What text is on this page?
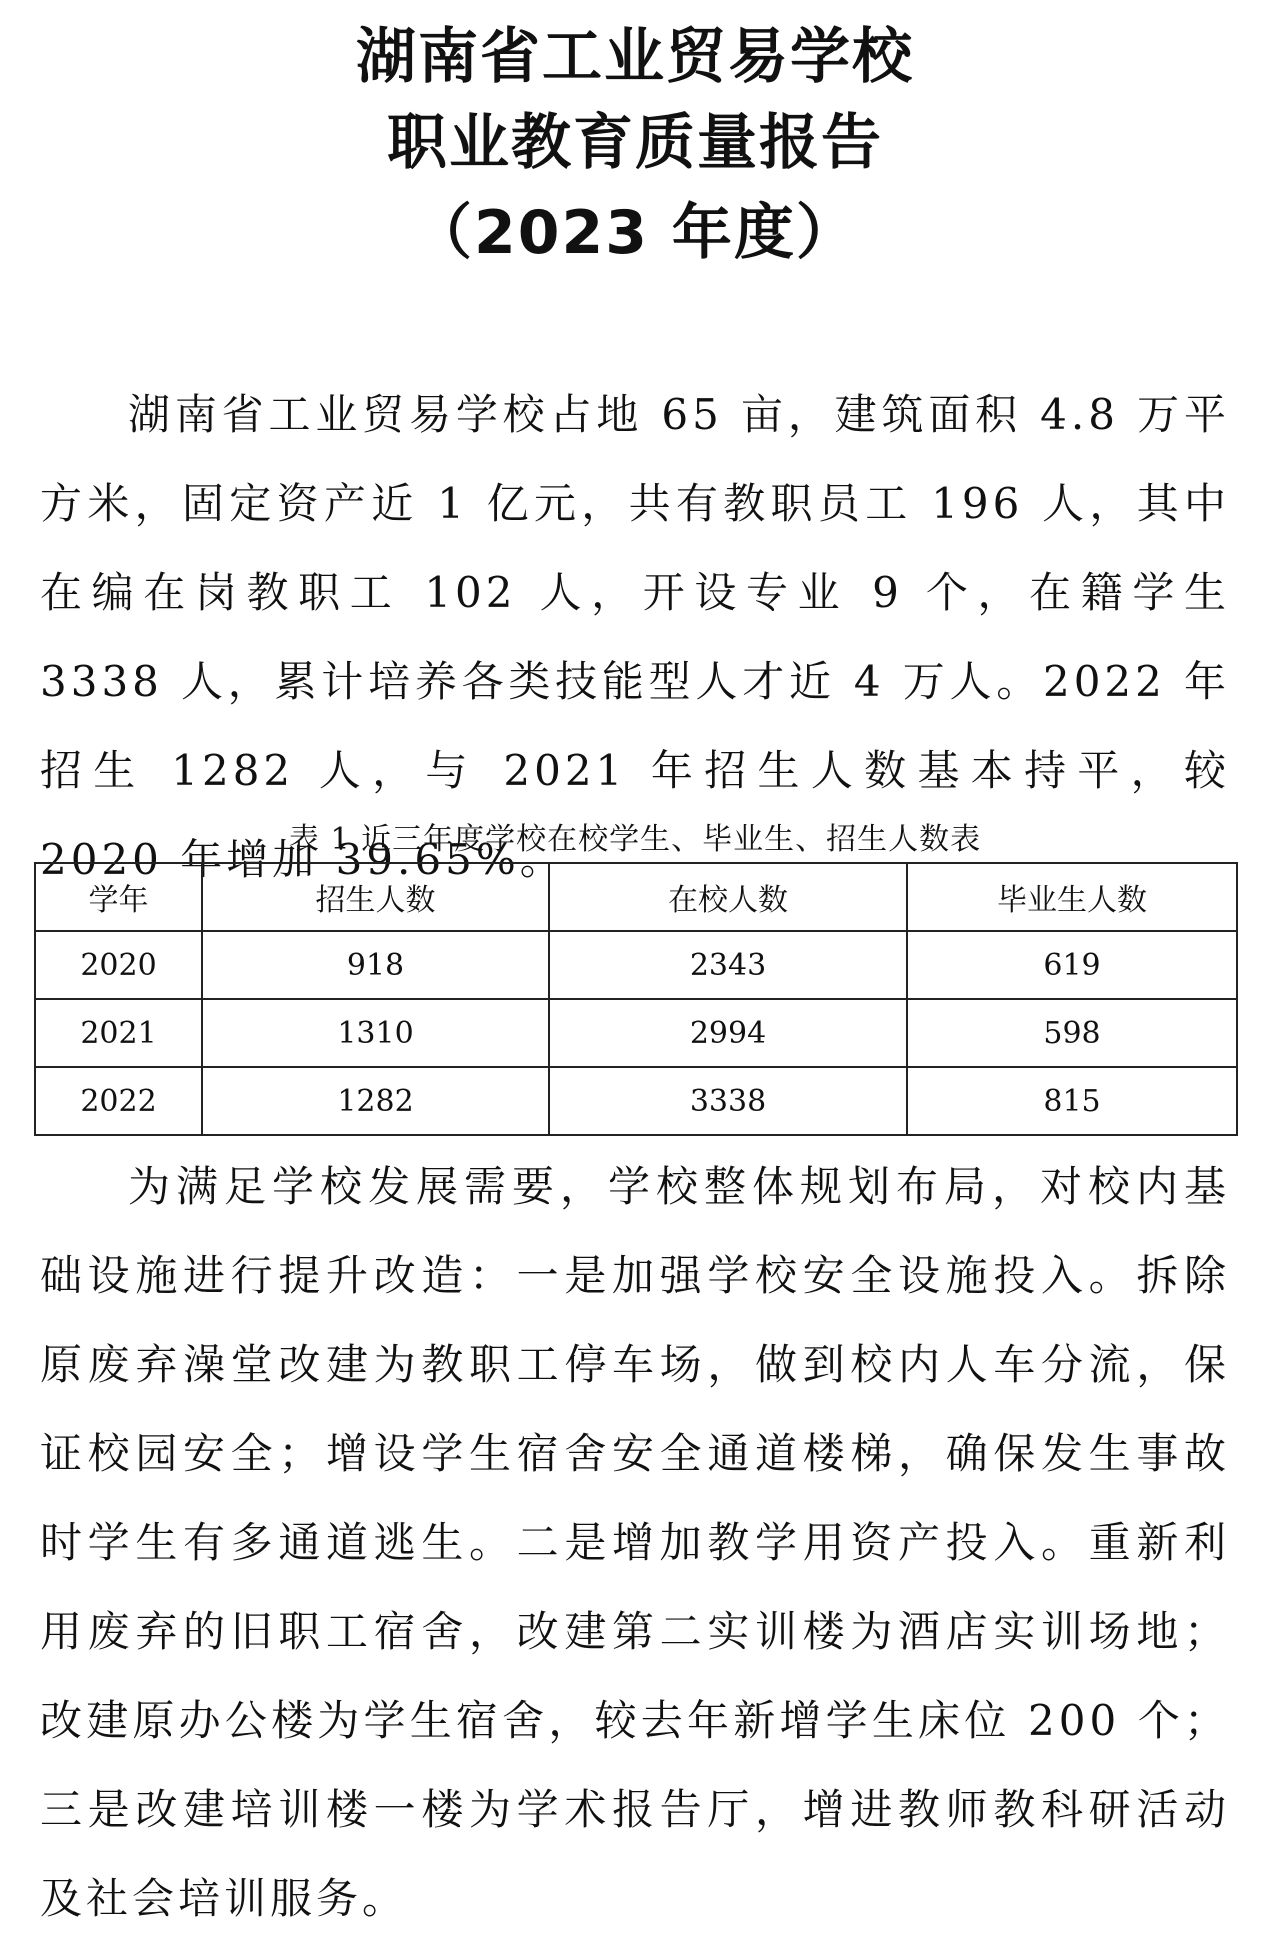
湖南省工业贸易学校
职业教育质量报告
（2023 年度）

湖南省工业贸易学校占地 65 亩，建筑面积 4.8 万平方米，固定资产近 1 亿元，共有教职员工 196 人，其中在编在岗教职工 102 人，开设专业 9 个，在籍学生 3338 人，累计培养各类技能型人才近 4 万人。2022 年招生 1282 人，与 2021 年招生人数基本持平，较 2020 年增加 39.65%。

表 1 近三年度学校在校学生、毕业生、招生人数表
学年	招生人数	在校人数	毕业生人数
2020	918	2343	619
2021	1310	2994	598
2022	1282	3338	815

为满足学校发展需要，学校整体规划布局，对校内基础设施进行提升改造：一是加强学校安全设施投入。拆除原废弃澡堂改建为教职工停车场，做到校内人车分流，保证校园安全；增设学生宿舍安全通道楼梯，确保发生事故时学生有多通道逃生。二是增加教学用资产投入。重新利用废弃的旧职工宿舍，改建第二实训楼为酒店实训场地；改建原办公楼为学生宿舍，较去年新增学生床位 200 个；三是改建培训楼一楼为学术报告厅，增进教师教科研活动及社会培训服务。
